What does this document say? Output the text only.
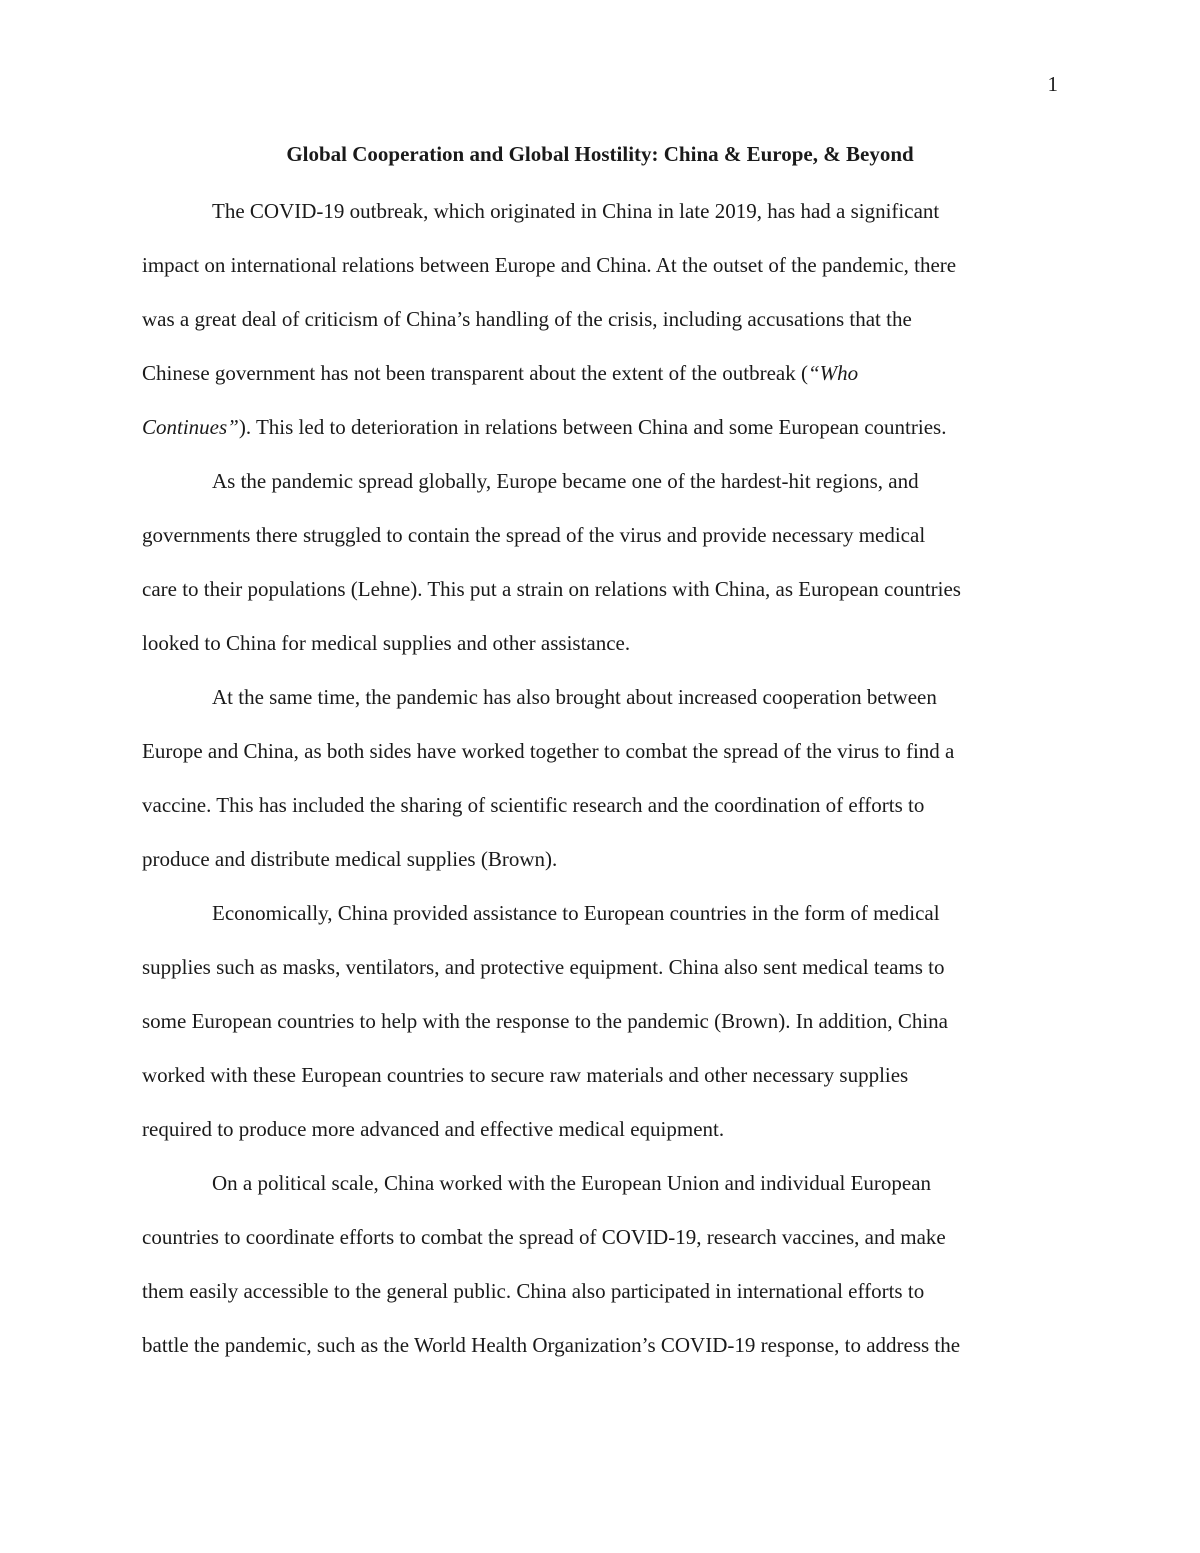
1
Global Cooperation and Global Hostility: China & Europe, & Beyond

The COVID-19 outbreak, which originated in China in late 2019, has had a significant

impact on international relations between Europe and China. At the outset of the pandemic, there

was a great deal of criticism of China’s handling of the crisis, including accusations that the

Chinese government has not been transparent about the extent of the outbreak (“Who

Continues”). This led to deterioration in relations between China and some European countries.

As the pandemic spread globally, Europe became one of the hardest-hit regions, and

governments there struggled to contain the spread of the virus and provide necessary medical

care to their populations (Lehne). This put a strain on relations with China, as European countries

looked to China for medical supplies and other assistance.

At the same time, the pandemic has also brought about increased cooperation between

Europe and China, as both sides have worked together to combat the spread of the virus to find a

vaccine. This has included the sharing of scientific research and the coordination of efforts to

produce and distribute medical supplies (Brown).

Economically, China provided assistance to European countries in the form of medical

supplies such as masks, ventilators, and protective equipment. China also sent medical teams to

some European countries to help with the response to the pandemic (Brown). In addition, China

worked with these European countries to secure raw materials and other necessary supplies

required to produce more advanced and effective medical equipment.

On a political scale, China worked with the European Union and individual European

countries to coordinate efforts to combat the spread of COVID-19, research vaccines, and make

them easily accessible to the general public. China also participated in international efforts to

battle the pandemic, such as the World Health Organization’s COVID-19 response, to address the
